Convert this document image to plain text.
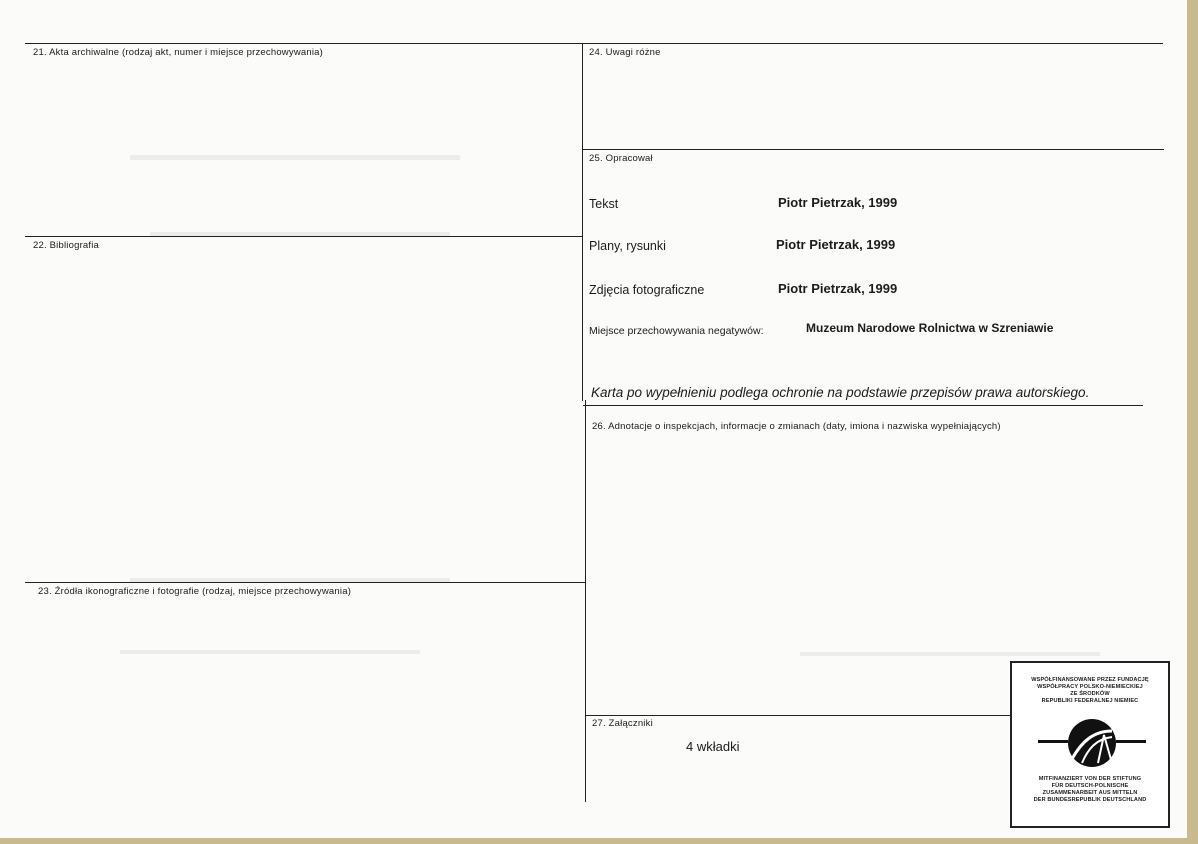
21. Akta archiwalne (rodzaj akt, numer i miejsce przechowywania)
22. Bibliografia
23. Źródła ikonograficzne i fotografie (rodzaj, miejsce przechowywania)
24. Uwagi różne
25. Opracował
26. Adnotacje o inspekcjach, informacje o zmianach (daty, imiona i nazwiska wypełniających)
27. Załączniki
Tekst	Piotr Pietrzak, 1999
Plany, rysunki	Piotr Pietrzak, 1999
Zdjęcia fotograficzne	Piotr Pietrzak, 1999
Miejsce przechowywania negatywów:	Muzeum Narodowe Rolnictwa w Szreniawie
Karta po wypełnieniu podlega ochronie na podstawie przepisów prawa autorskiego.
4 wkładki
WSPÓŁFINANSOWANE PRZEZ FUNDACJĘ
WSPÓŁPRACY POLSKO-NIEMIECKIEJ
ZE ŚRODKÓW
REPUBLIKI FEDERALNEJ NIEMIEC
MITFINANZIERT VON DER STIFTUNG
FÜR DEUTSCH-POLNISCHE
ZUSAMMENARBEIT AUS MITTELN
DER BUNDESREPUBLIK DEUTSCHLAND
